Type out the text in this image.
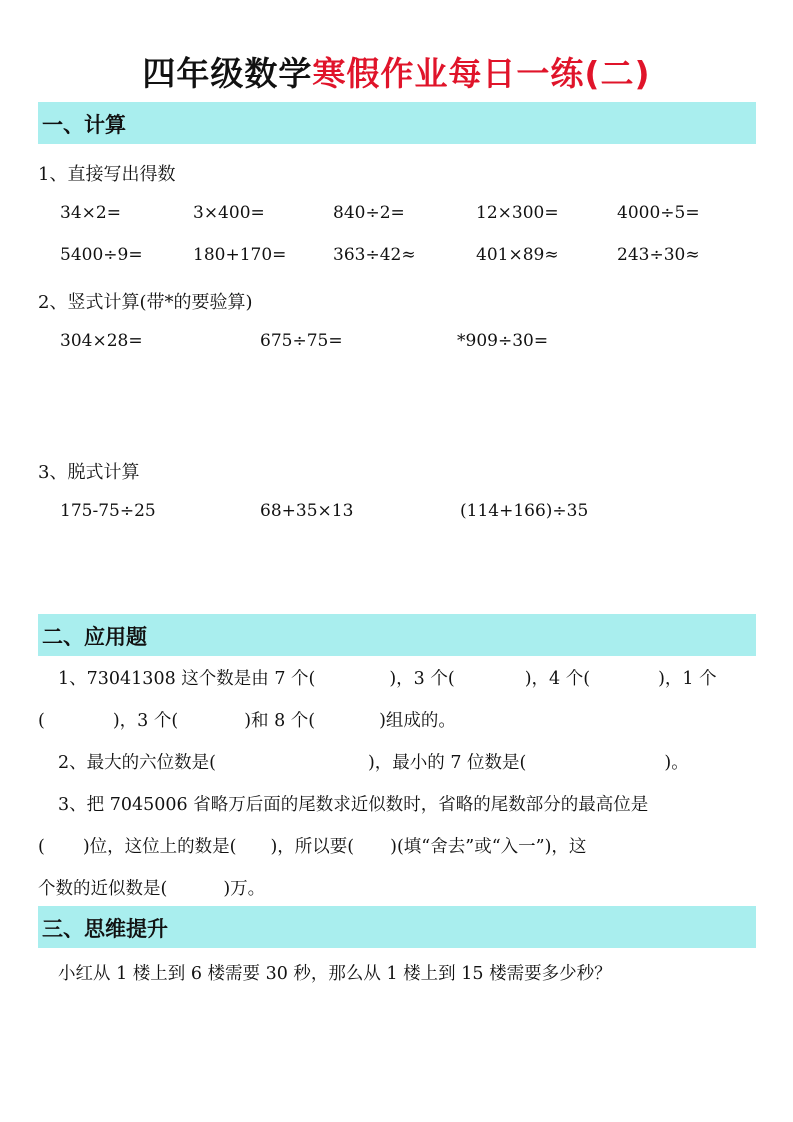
四年级数学寒假作业每日一练(二)
一、计算
1、直接写出得数
34×2=	3×400=	840÷2=	12×300=	4000÷5=
5400÷9=	180+170=	363÷42≈	401×89≈	243÷30≈
2、竖式计算(带*的要验算)
304×28=	675÷75=	*909÷30=
3、脱式计算
175-75÷25	68+35×13	(114+166)÷35
二、应用题
1、73041308 这个数是由 7 个(	)，3 个(	)，4 个(	)，1 个
(	)，3 个(	)和 8 个(	)组成的。
2、最大的六位数是(	)，最小的 7 位数是(	)。
3、把 7045006 省略万后面的尾数求近似数时，省略的尾数部分的最高位是
( )位，这位上的数是( )，所以要( )(填“舍去”或“入一”)，这
个数的近似数是(	)万。
三、思维提升
小红从 1 楼上到 6 楼需要 30 秒，那么从 1 楼上到 15 楼需要多少秒？
